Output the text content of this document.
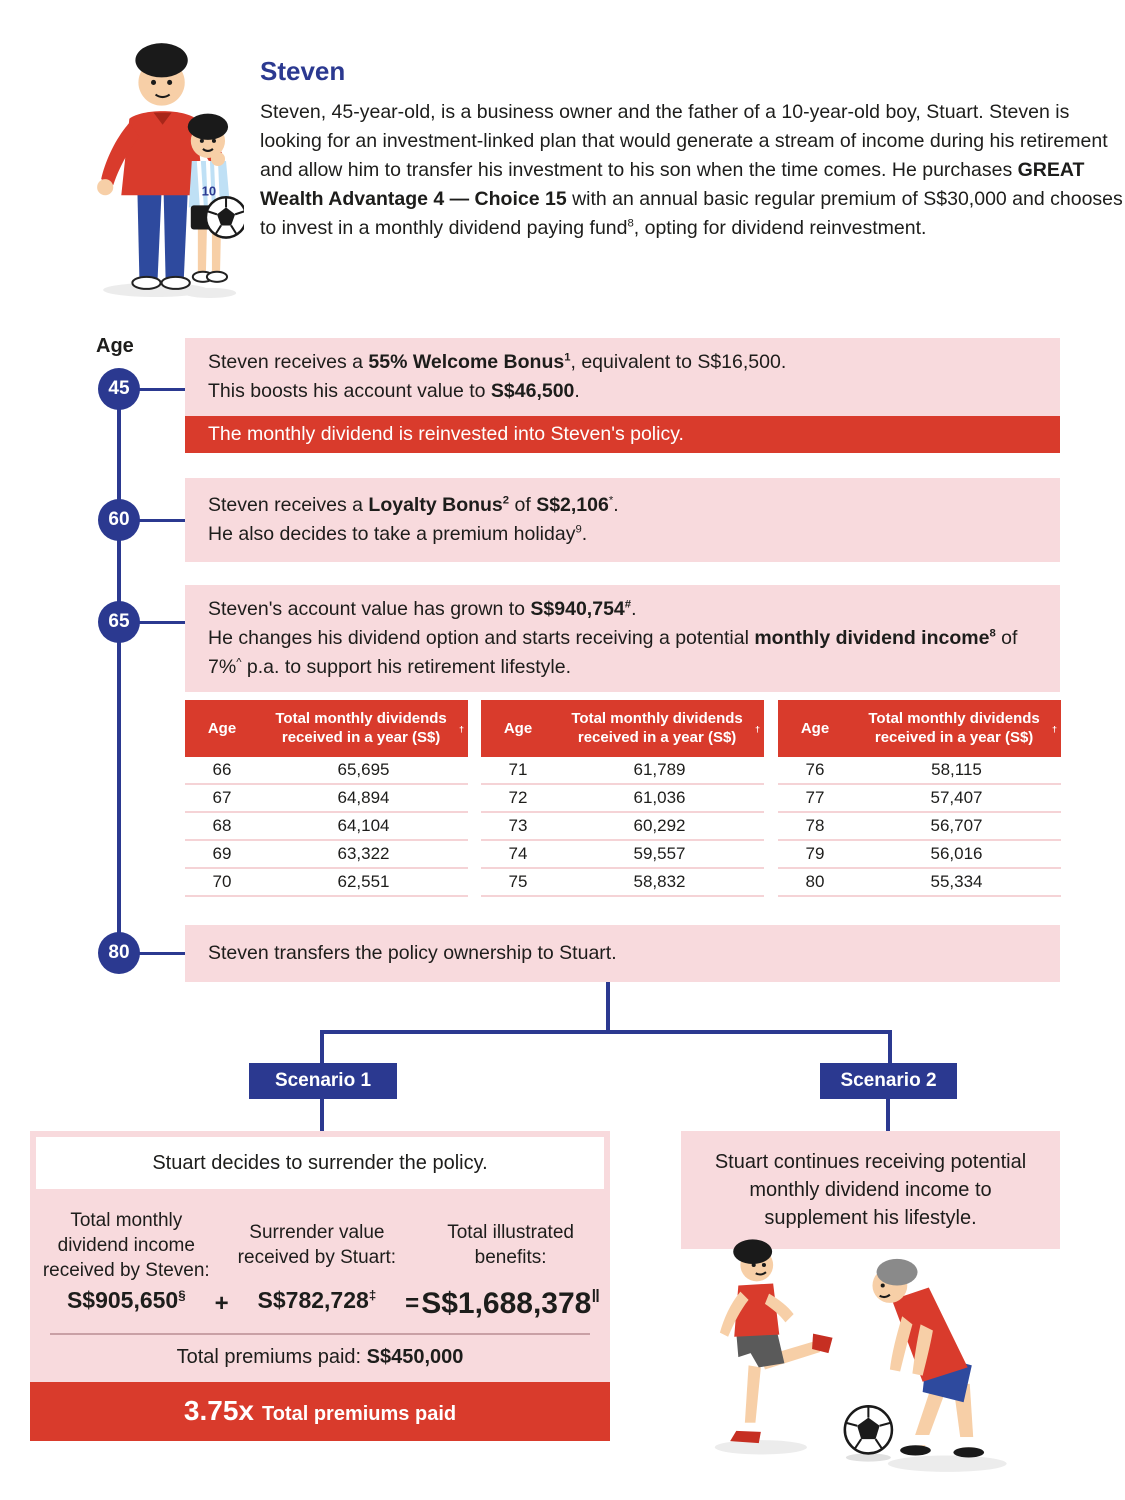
10
Steven

Steven, 45-year-old, is a business owner and the father of a 10-year-old boy, Stuart. Steven is looking for an investment-linked plan that would generate a stream of income during his retirement and allow him to transfer his investment to his son when the time comes. He purchases GREAT Wealth Advantage 4 — Choice 15 with an annual basic regular premium of S$30,000 and chooses to invest in a monthly dividend paying fund$^8$, opting for dividend reinvestment.

Age
45
60
65
80
Steven receives a 55% Welcome Bonus$^1$, equivalent to S$16,500.
This boosts his account value to S$46,500.
The monthly dividend is reinvested into Steven's policy.
Steven receives a Loyalty Bonus$^2$ of S$2,106*.
He also decides to take a premium holiday$^9$.
Steven's account value has grown to S$940,754#.
He changes his dividend option and starts receiving a potential monthly dividend income$^8$ of 7%^ p.a. to support his retirement lifestyle.
Age
Total monthly dividends received in a year (S$)	†
66	65,695
67	64,894
68	64,104
69	63,322
70	62,551
Age
Total monthly dividends received in a year (S$)	†
71	61,789
72	61,036
73	60,292
74	59,557
75	58,832
Age
Total monthly dividends received in a year (S$)	†
76	58,115
77	57,407
78	56,707
79	56,016
80	55,334
Steven transfers the policy ownership to Stuart.
Scenario 1	Scenario 2
Stuart decides to surrender the policy.
Total monthly dividend income received by Steven:
S$905,650§	+
Surrender value received by Stuart:
S$782,728‡	=
Total illustrated benefits:
S$1,688,378‖
Total premiums paid: S$450,000
3.75x Total premiums paid
Stuart continues receiving potential monthly dividend income to supplement his lifestyle.
